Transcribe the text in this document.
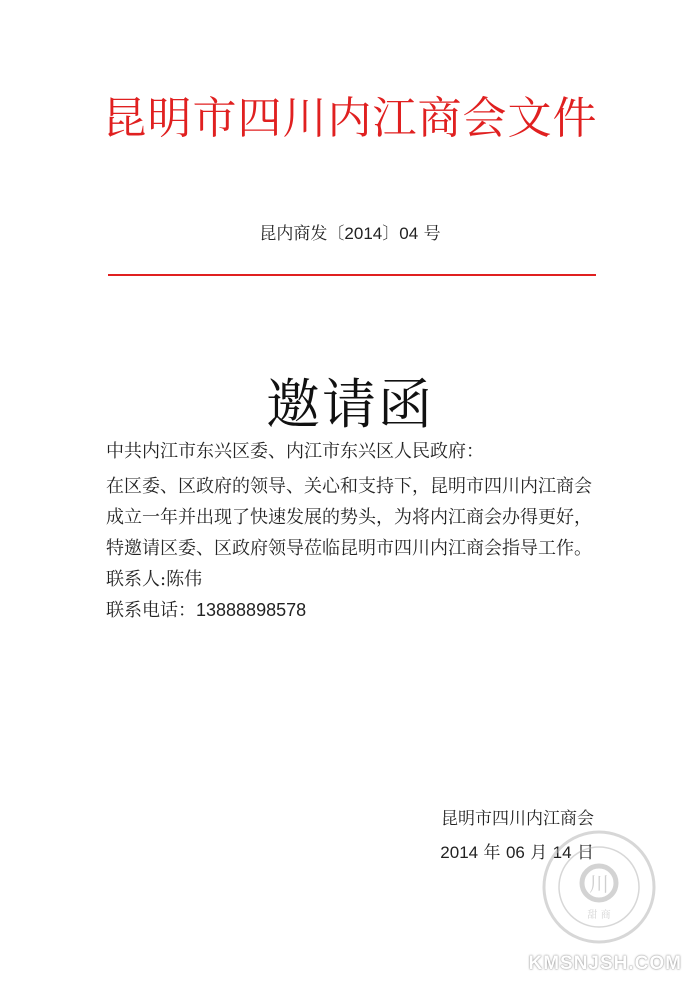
昆明市四川内江商会文件
昆内商发〔2014〕04 号
邀请函

中共内江市东兴区委、内江市东兴区人民政府：

在区委、区政府的领导、关心和支持下，昆明市四川内江商会成立一年并出现了快速发展的势头，为将内江商会办得更好，特邀请区委、区政府领导莅临昆明市四川内江商会指导工作。

联系人:陈伟

联系电话：13888898578

昆明市四川内江商会
2014 年 06 月 14 日
川
甜 商
KMSNJSH.COM
